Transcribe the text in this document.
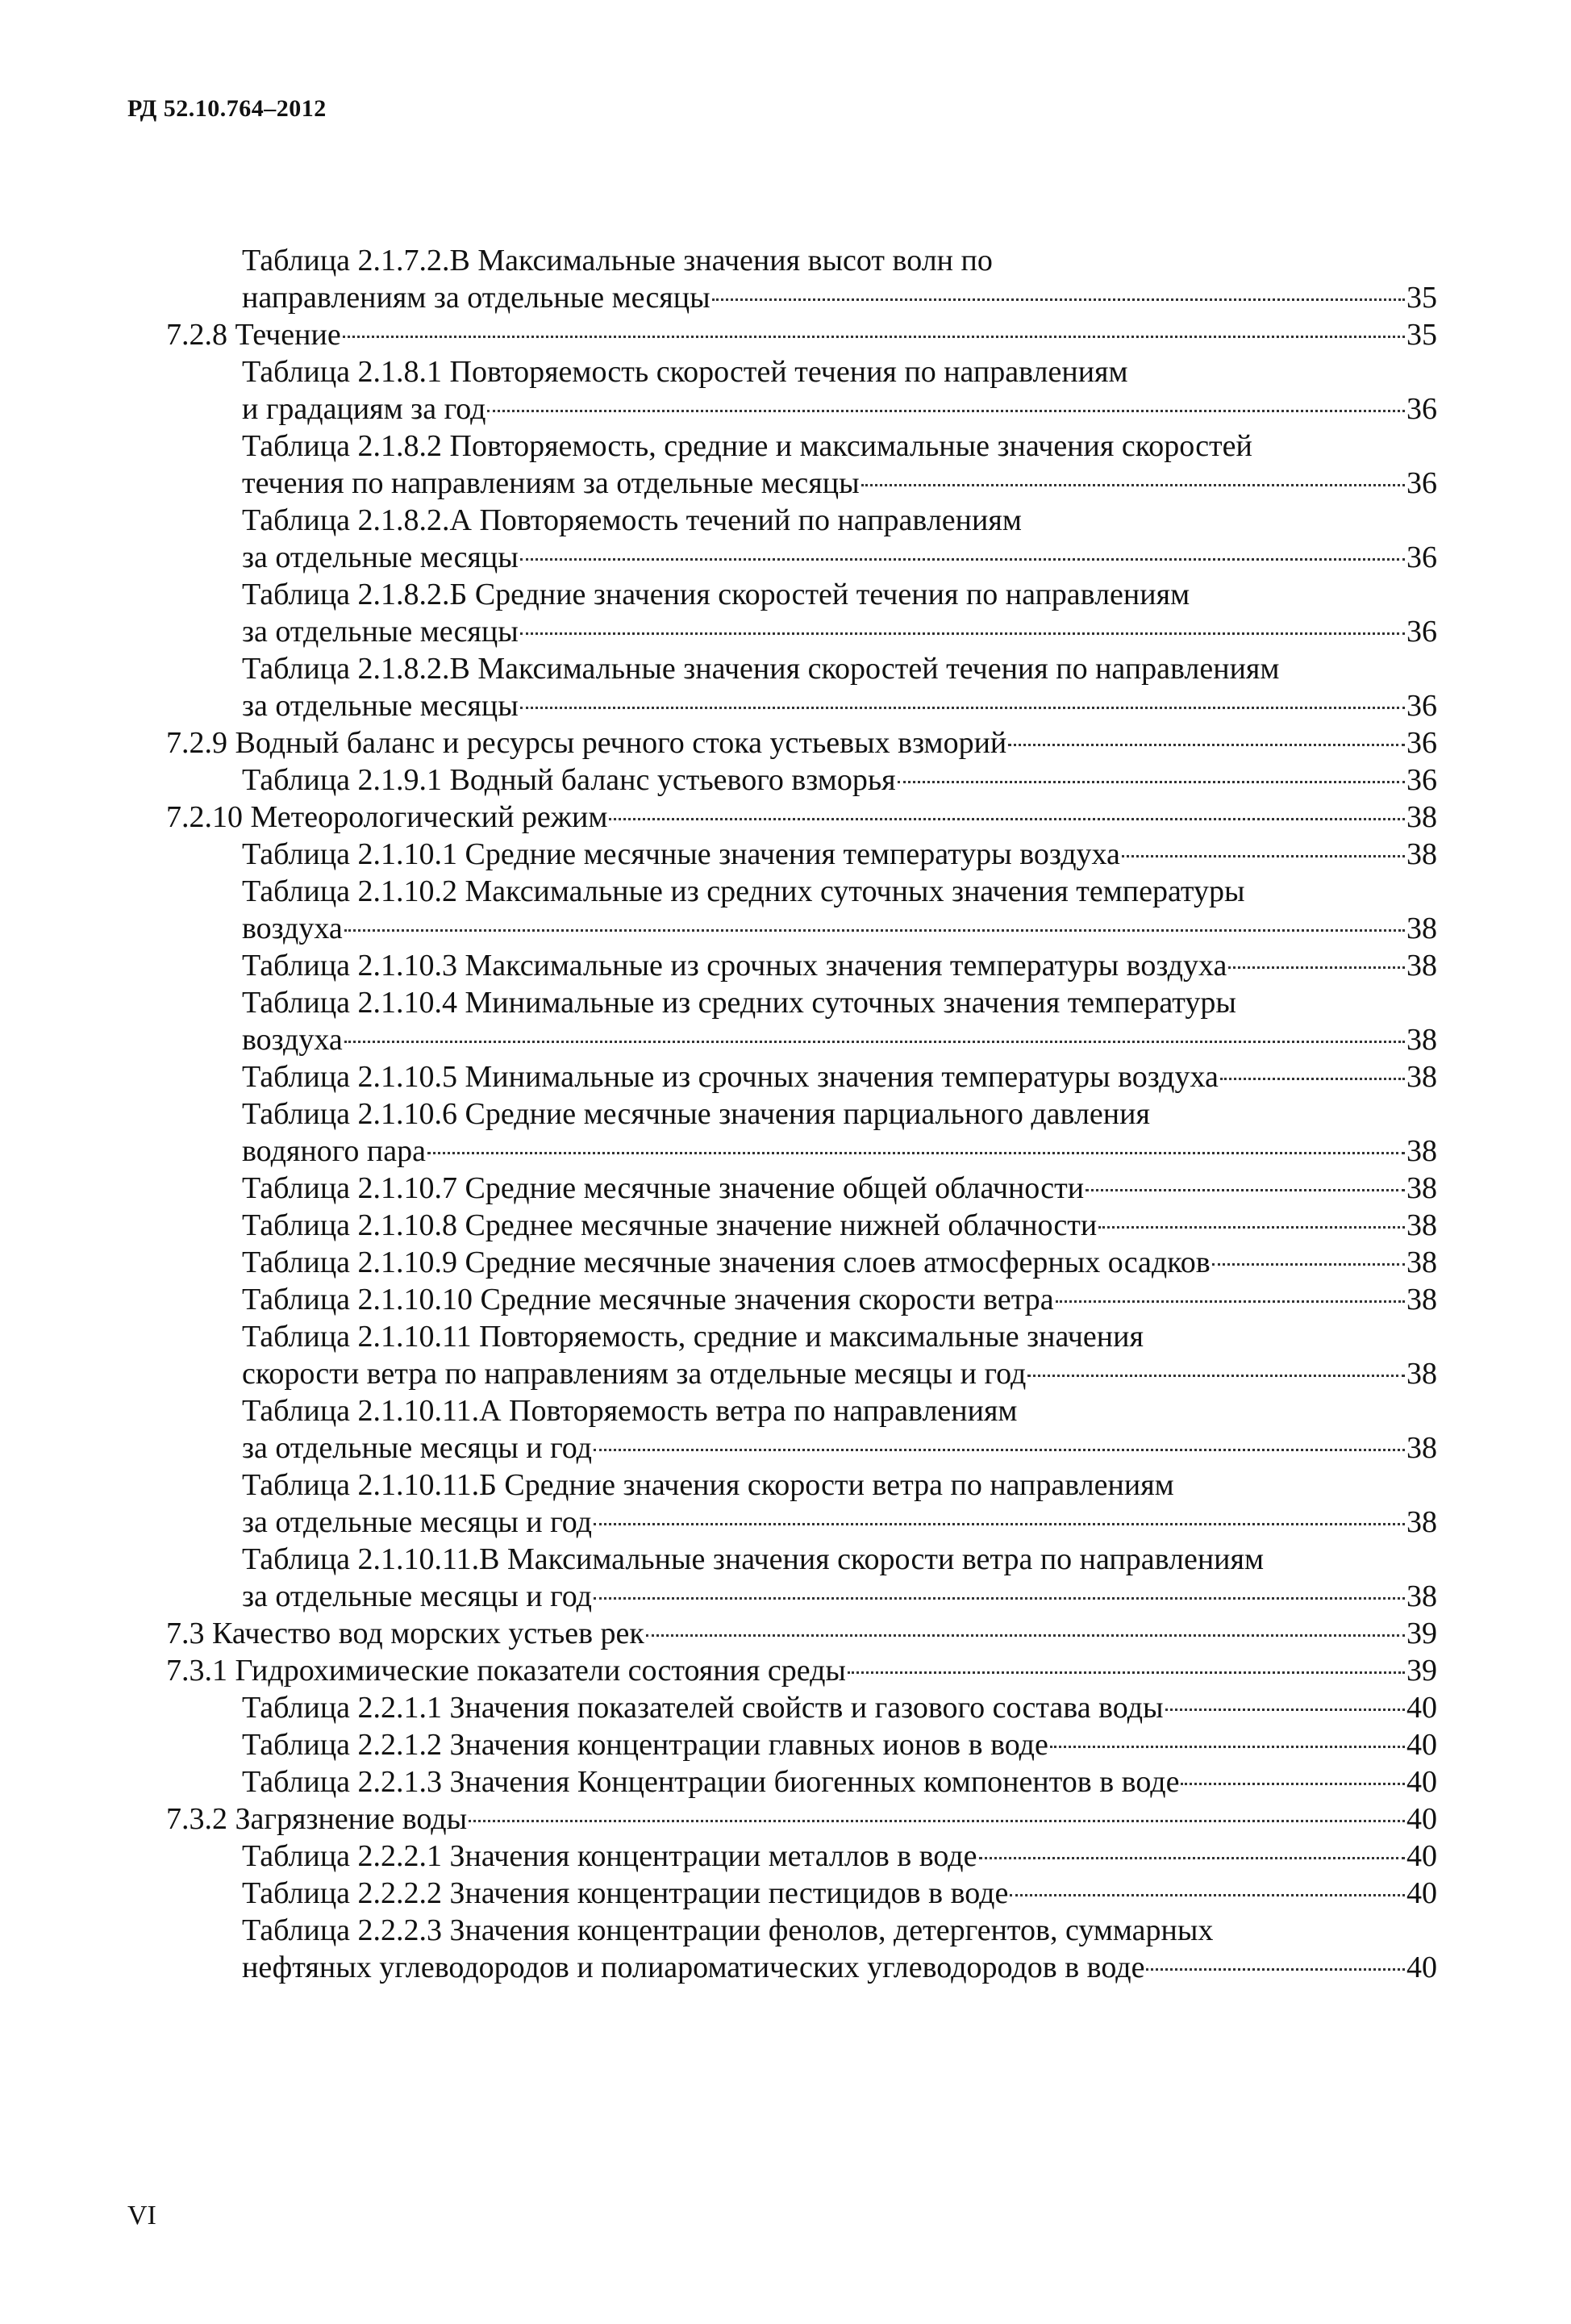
РД 52.10.764–2012
Таблица 2.1.7.2.В Максимальные значения высот волн по
направлениям за отдельные месяцы	35
7.2.8 Течение	35
Таблица 2.1.8.1 Повторяемость скоростей течения по направлениям
и градациям за год	36
Таблица 2.1.8.2 Повторяемость, средние и максимальные значения скоростей
течения по направлениям за отдельные месяцы	36
Таблица 2.1.8.2.А Повторяемость течений по направлениям
за отдельные месяцы	36
Таблица 2.1.8.2.Б Средние значения скоростей течения по направлениям
за отдельные месяцы	36
Таблица 2.1.8.2.В Максимальные значения скоростей течения по направлениям
за отдельные месяцы	36
7.2.9 Водный баланс и ресурсы речного стока устьевых взморий	36
Таблица 2.1.9.1 Водный баланс устьевого взморья	36
7.2.10 Метеорологический режим	38
Таблица 2.1.10.1 Средние месячные значения температуры воздуха	38
Таблица 2.1.10.2 Максимальные из средних суточных значения температуры
воздуха	38
Таблица 2.1.10.3 Максимальные из срочных значения температуры воздуха	38
Таблица 2.1.10.4 Минимальные из средних суточных значения температуры
воздуха	38
Таблица 2.1.10.5 Минимальные из срочных значения температуры воздуха	38
Таблица 2.1.10.6 Средние месячные значения парциального давления
водяного пара	38
Таблица 2.1.10.7 Средние месячные значение общей облачности	38
Таблица 2.1.10.8 Среднее месячные значение нижней облачности	38
Таблица 2.1.10.9 Средние месячные значения слоев атмосферных осадков	38
Таблица 2.1.10.10 Средние месячные значения скорости ветра	38
Таблица 2.1.10.11 Повторяемость, средние и максимальные значения
скорости ветра по направлениям за отдельные месяцы и год	38
Таблица 2.1.10.11.А Повторяемость ветра по направлениям
за отдельные месяцы и год	38
Таблица 2.1.10.11.Б Средние значения скорости ветра по направлениям
за отдельные месяцы и год	38
Таблица 2.1.10.11.В Максимальные значения скорости ветра по направлениям
за отдельные месяцы и год	38
7.3 Качество вод морских устьев рек	39
7.3.1 Гидрохимические показатели состояния среды	39
Таблица 2.2.1.1 Значения показателей свойств и газового состава воды	40
Таблица 2.2.1.2 Значения концентрации главных ионов в воде	40
Таблица 2.2.1.3 Значения Концентрации биогенных компонентов в воде	40
7.3.2 Загрязнение воды	40
Таблица 2.2.2.1 Значения концентрации металлов в воде	40
Таблица 2.2.2.2 Значения концентрации пестицидов в воде	40
Таблица 2.2.2.3 Значения концентрации фенолов, детергентов, суммарных
нефтяных углеводородов и полиароматических углеводородов в воде	40
VI
